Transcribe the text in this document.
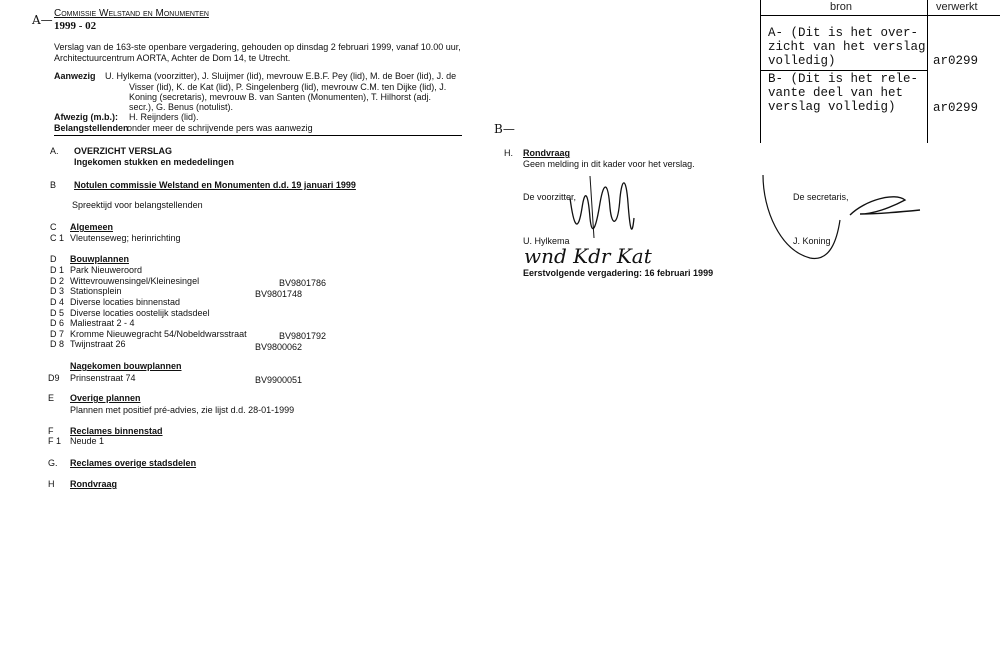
A—
B—
Commissie Welstand en Monumenten
1999 - 02
Verslag van de 163-ste openbare vergadering, gehouden op dinsdag 2 februari 1999, vanaf 10.00 uur,
Architectuurcentrum AORTA, Achter de Dom 14, te Utrecht.
Aanwezig U. Hylkema (voorzitter), J. Sluijmer (lid), mevrouw E.B.F. Pey (lid), M. de Boer (lid), J. de
Visser (lid), K. de Kat (lid), P. Singelenberg (lid), mevrouw C.M. ten Dijke (lid), J.
Koning (secretaris), mevrouw B. van Santen (Monumenten), T. Hilhorst (adj.
secr.), G. Benus (notulist).
Afwezig (m.b.): H. Reijnders (lid).
Belangstellenden
onder meer de schrijvende pers was aanwezig
A. OVERZICHT VERSLAG
Ingekomen stukken en mededelingen
B Notulen commissie Welstand en Monumenten d.d. 19 januari 1999
Spreektijd voor belangstellenden
C Algemeen
C 1 Vleutenseweg; herinrichting
D Bouwplannen
D 1 Park Nieuweroord
D 2 Wittevrouwensingel/Kleinesingel	BV9801786
D 3 Stationsplein	BV9801748
D 4 Diverse locaties binnenstad
D 5 Diverse locaties oostelijk stadsdeel
D 6 Maliestraat 2 - 4
D 7 Kromme Nieuwegracht 54/Nobeldwarsstraat	BV9801792
D 8 Twijnstraat 26	BV9800062
Nagekomen bouwplannen
D9 Prinsenstraat 74	BV9900051
E Overige plannen
Plannen met positief pré-advies, zie lijst d.d. 28-01-1999
F Reclames binnenstad
F 1 Neude 1
G. Reclames overige stadsdelen
H Rondvraag
H. Rondvraag
Geen melding in dit kader voor het verslag.
De voorzitter,
U. Hylkema
wnd Kdr Kat
Eerstvolgende vergadering: 16 februari 1999
De secretaris,
J. Koning
bron	verwerkt
A- (Dit is het over-
zicht van het verslag
volledig)	ar0299
B- (Dit is het rele-
vante deel van het
verslag volledig)	ar0299
